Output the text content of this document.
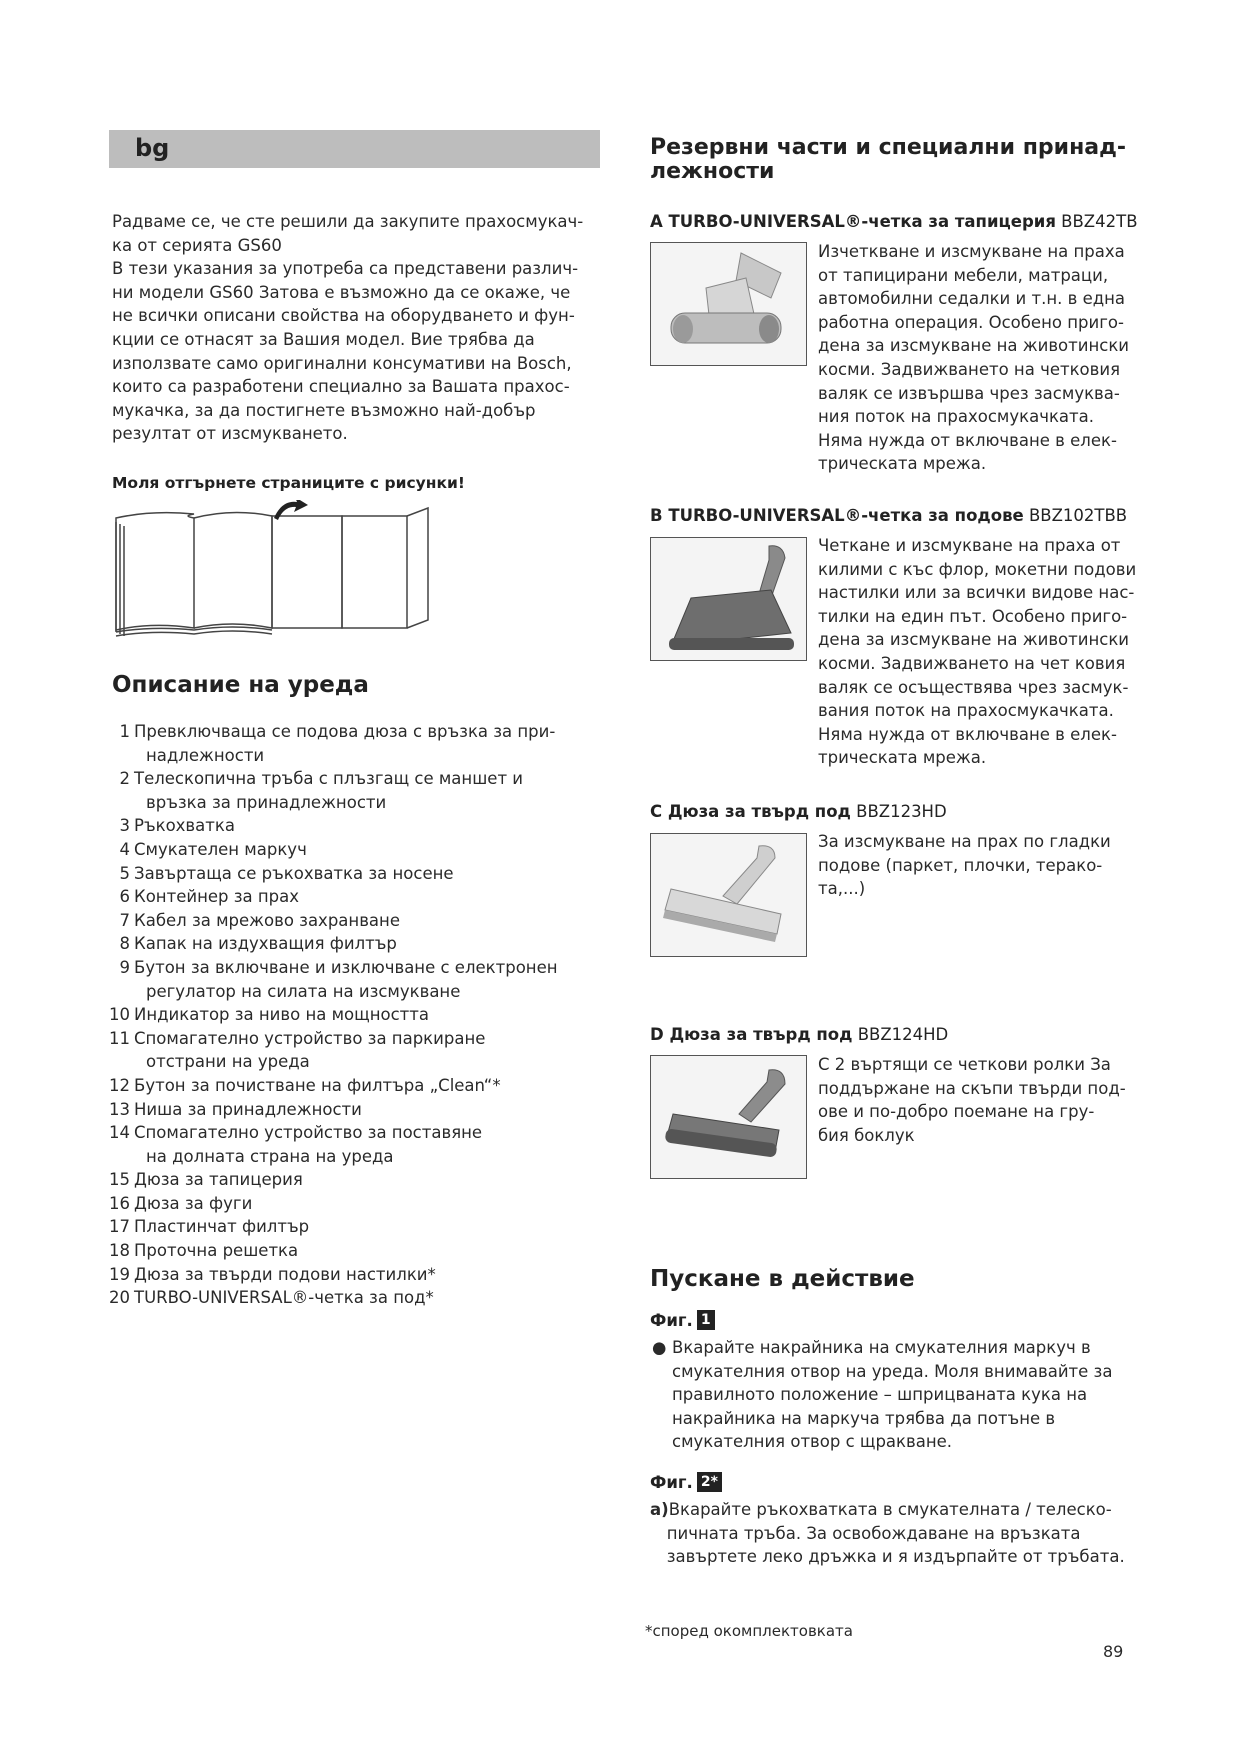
bg

Радваме се, че сте решили да закупите прахосмукач-

ка от серията GS60

В тези указания за употреба са представени различ-

ни модели GS60 Затова е възможно да се окаже, че

не всички описани свойства на оборудването и фун-

кции се отнасят за Вашия модел. Вие трябва да

използвате само оригинални консумативи на Bosch,

които са разработени специално за Вашата прахос-

мукачка, за да постигнете възможно най-добър

резултат от изсмукването.

Моля отгърнете страниците с рисунки!
Описание на уреда
1 Превключваща се подова дюза с връзка за при-
надлежности
2 Телескопична тръба с плъзгащ се маншет и
връзка за принадлежности
3 Ръкохватка
4 Смукателен маркуч
5 Завъртаща се ръкохватка за носене
6 Контейнер за прах
7 Кабел за мрежово захранване
8 Капак на издухващия филтър
9 Бутон за включване и изключване с електронен
регулатор на силата на изсмукване
10 Индикатор за ниво на мощността
11 Спомагателно устройство за паркиране
отстрани на уреда
12 Бутон за почистване на филтъра „Clean“*
13 Ниша за принадлежности
14 Спомагателно устройство за поставяне
на долната страна на уреда
15 Дюза за тапицерия
16 Дюза за фуги
17 Пластинчат филтър
18 Проточна решетка
19 Дюза за твърди подови настилки*
20 TURBO-UNIVERSAL®-четка за под*
Резервни части и специални принад-
лежности
A TURBO-UNIVERSAL®-четка за тапицерия BBZ42TB
Изчеткване и изсмукване на праха
от тапицирани мебели, матраци,
автомобилни седалки и т.н. в една
работна операция. Особено приго-
дена за изсмукване на животински
косми. Задвижването на четковия
валяк се извършва чрез засмуква-
ния поток на прахосмукачката.
Няма нужда от включване в елек-
трическата мрежа.
B TURBO-UNIVERSAL®-четка за подове BBZ102TBB
Четкане и изсмукване на праха от
килими с къс флор, мокетни подови
настилки или за всички видове нас-
тилки на един път. Особено приго-
дена за изсмукване на животински
косми. Задвижването на чет ковия
валяк се осъществява чрез засмук-
вания поток на прахосмукачката.
Няма нужда от включване в елек-
трическата мрежа.
C Дюза за твърд под BBZ123HD
За изсмукване на прах по гладки
подове (паркет, плочки, терако-
та,...)
D Дюза за твърд под BBZ124HD
С 2 въртящи се четкови ролки За
поддържане на скъпи твърди под-
ове и по-добро поемане на гру-
бия боклук
Пускане в действие
Фиг. 1
● Вкарайте накрайника на смукателния маркуч в
смукателния отвор на уреда. Моля внимавайте за
правилното положение – шприцваната кука на
накрайника на маркуча трябва да потъне в
смукателния отвор с щракване.
Фиг. 2*
a) Вкарайте ръкохватката в смукателната / телеско-
пичната тръба. За освобождаване на връзката
завъртете леко дръжка и я издърпайте от тръбата.
*според окомплектовката
89
